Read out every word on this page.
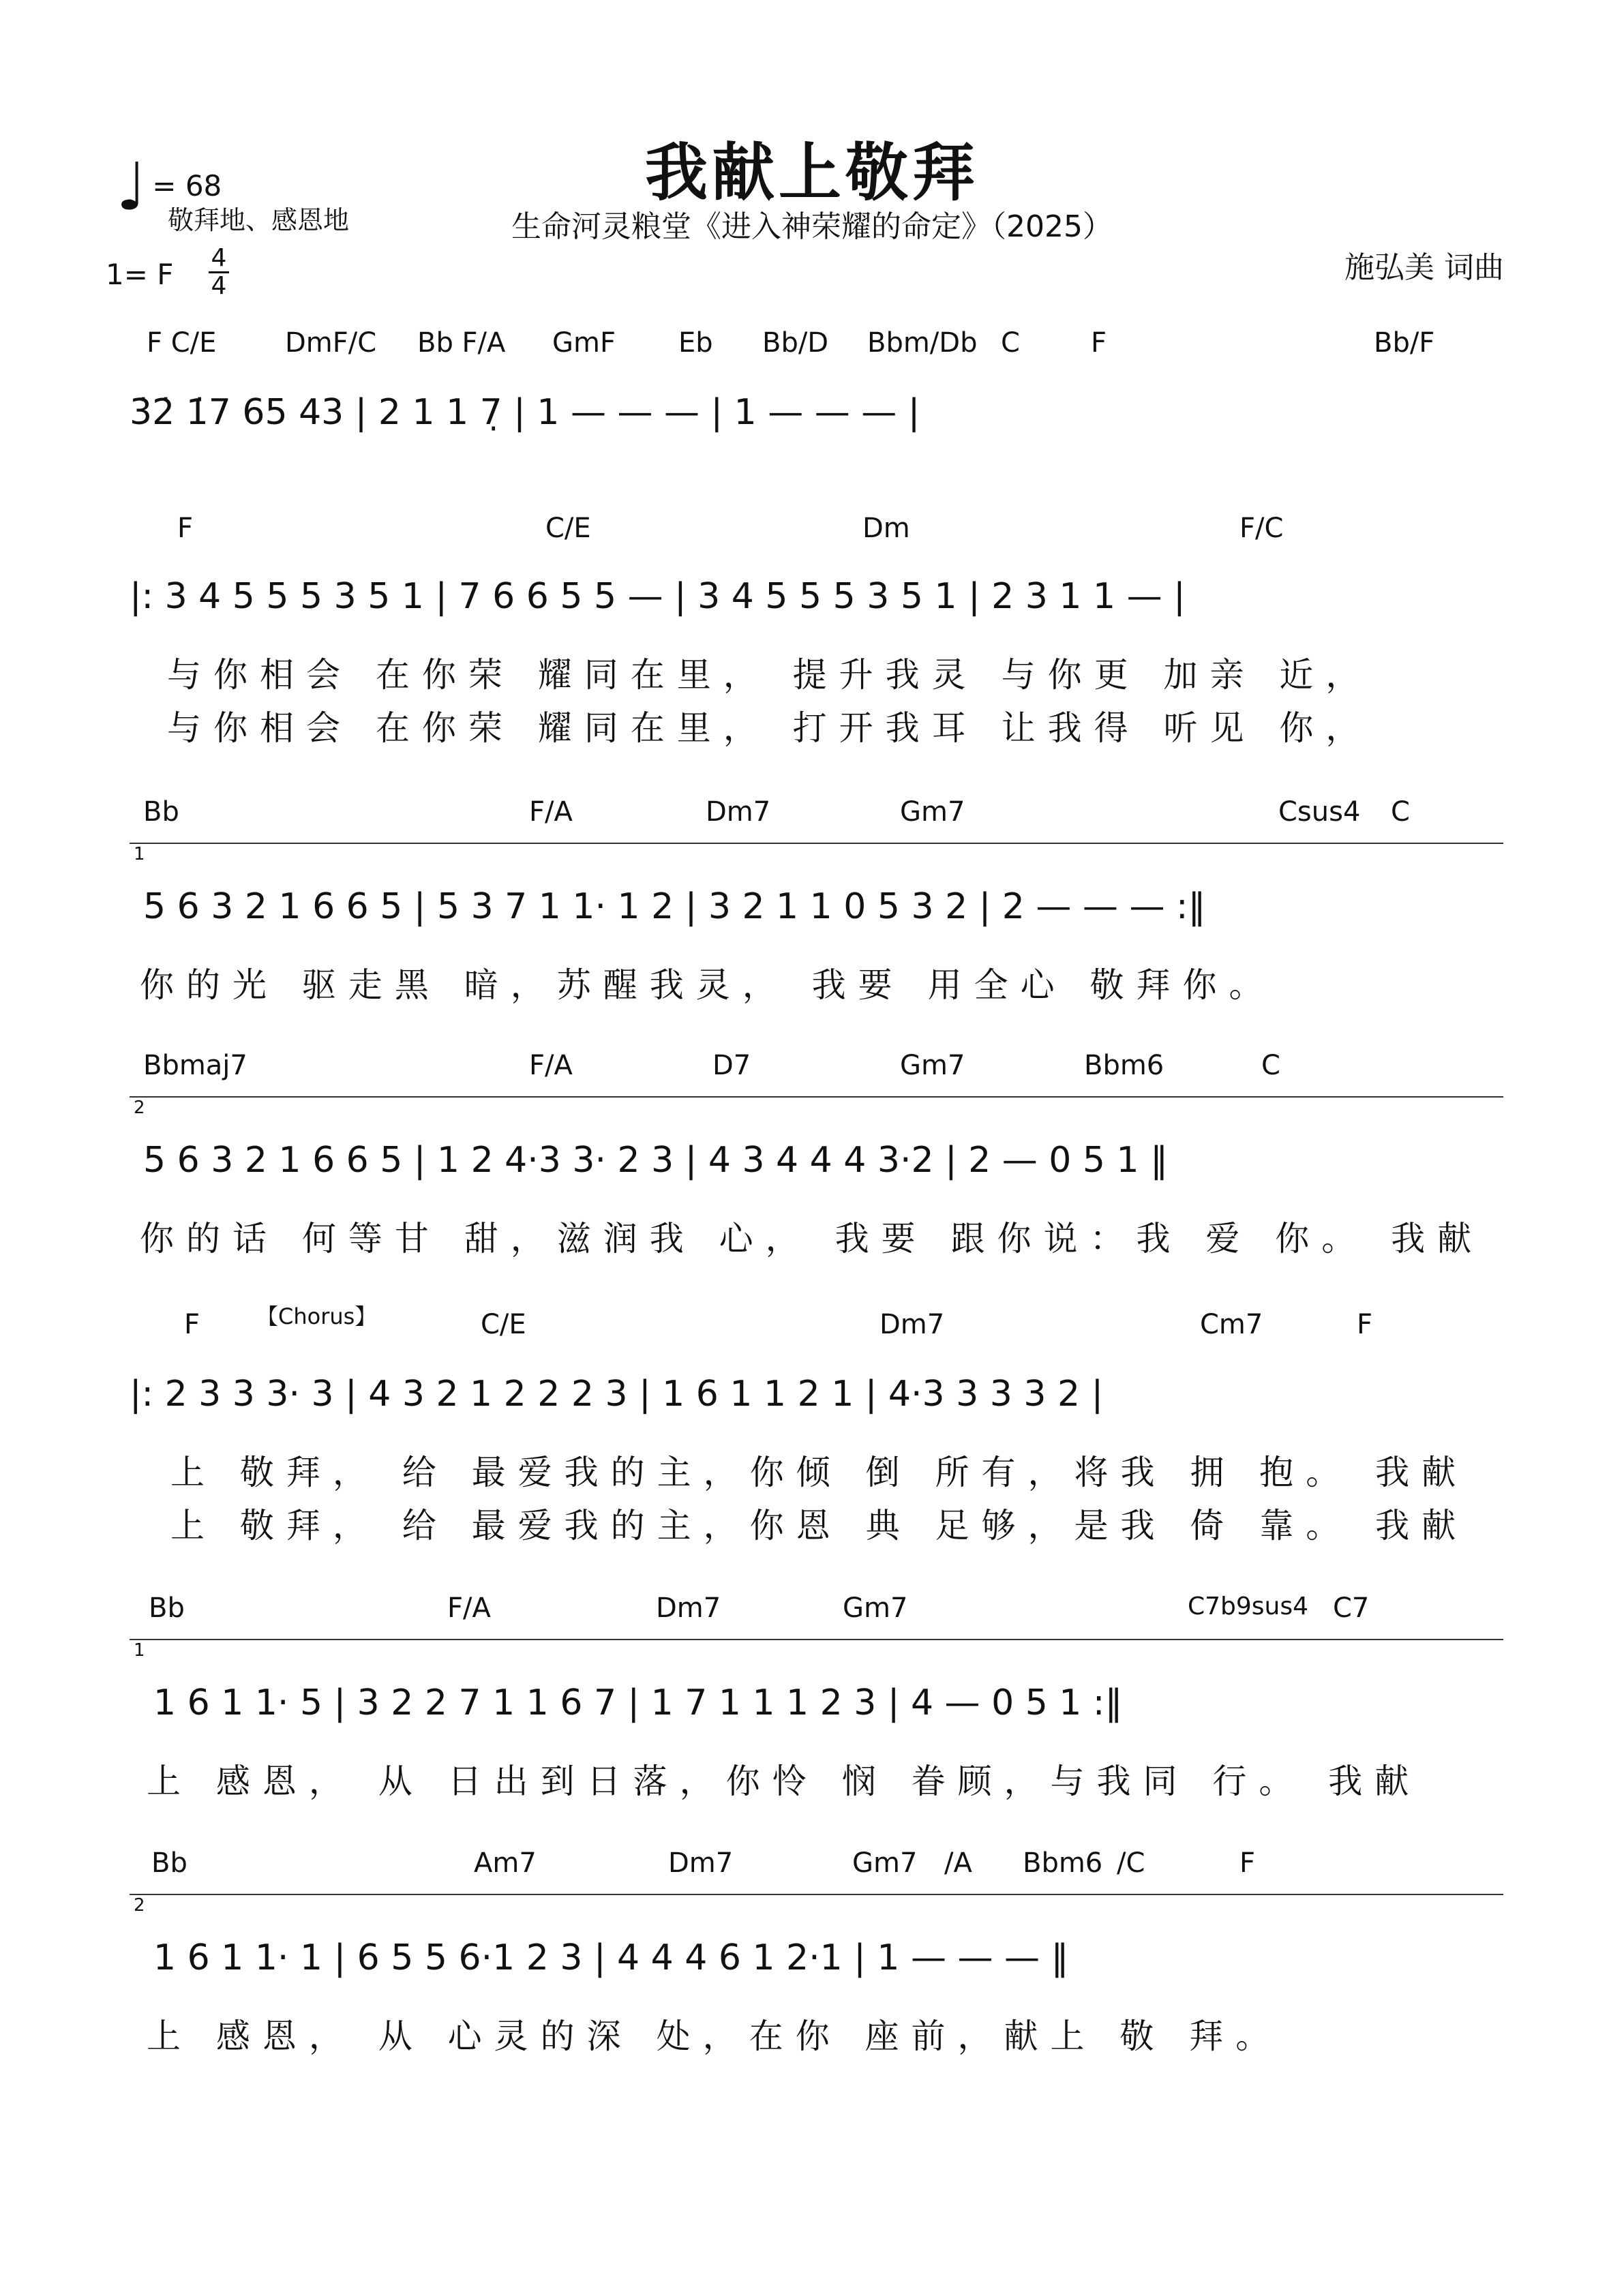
我献上敬拜
生命河灵粮堂《进入神荣耀的命定》（2025）
♩ = 68
敬拜地、感恩地
1= F 4
4
施弘美 词曲
F C/E	DmF/C Bb F/A GmF Eb Bb/D Bbm/Db C	F	Bb/F
3̇2̇ 1̇7 65 43 | 2 1 1 7̣ | 1 — — — | 1 — — — |
F	C/E	Dm	F/C
|: 3 4 5 5 5 3 5 1 | 7 6 6 5 5 — | 3 4 5 5 5 3 5 1 | 2 3 1 1 — |
与你相会 在你荣 耀同在里， 提升我灵 与你更 加亲 近，
与你相会 在你荣 耀同在里， 打开我耳 让我得 听见 你，
Bb	F/A	Dm7	Gm7	Csus4 C
1
5 6 3 2 1 6 6 5 | 5 3 7 1 1· 1 2 | 3 2 1 1 0 5 3 2 | 2 — — — :‖
你的光 驱走黑 暗，苏醒我灵， 我要 用全心 敬拜你。
Bbmaj7	F/A	D7	Gm7	Bbm6	C
2
5 6 3 2 1 6 6 5 | 1 2 4·3 3· 2 3 | 4 3 4 4 4 3·2 | 2 — 0 5 1 ‖
你的话 何等甘 甜，滋润我 心， 我要 跟你说：我 爱 你。 我献
F	【Chorus】	C/E	Dm7	Cm7	F
|: 2 3 3 3· 3 | 4 3 2 1 2 2 2 3 | 1 6 1 1 2 1 | 4·3 3 3 3 2 |
上 敬拜， 给 最爱我的主，你倾 倒 所有，将我 拥 抱。 我献
上 敬拜， 给 最爱我的主，你恩 典 足够，是我 倚 靠。 我献
Bb	F/A	Dm7	Gm7	C7b9sus4 C7
1
1 6 1 1· 5 | 3 2 2 7 1 1 6 7 | 1 7 1 1 1 2 3 | 4 — 0 5 1 :‖
上 感恩， 从 日出到日落，你怜 悯 眷顾，与我同 行。 我献
Bb	Am7	Dm7	Gm7 /A Bbm6 /C	F
2
1 6 1 1· 1 | 6 5 5 6·1 2 3 | 4 4 4 6 1 2·1 | 1 — — — ‖
上 感恩， 从 心灵的深 处，在你 座前，献上 敬 拜。
